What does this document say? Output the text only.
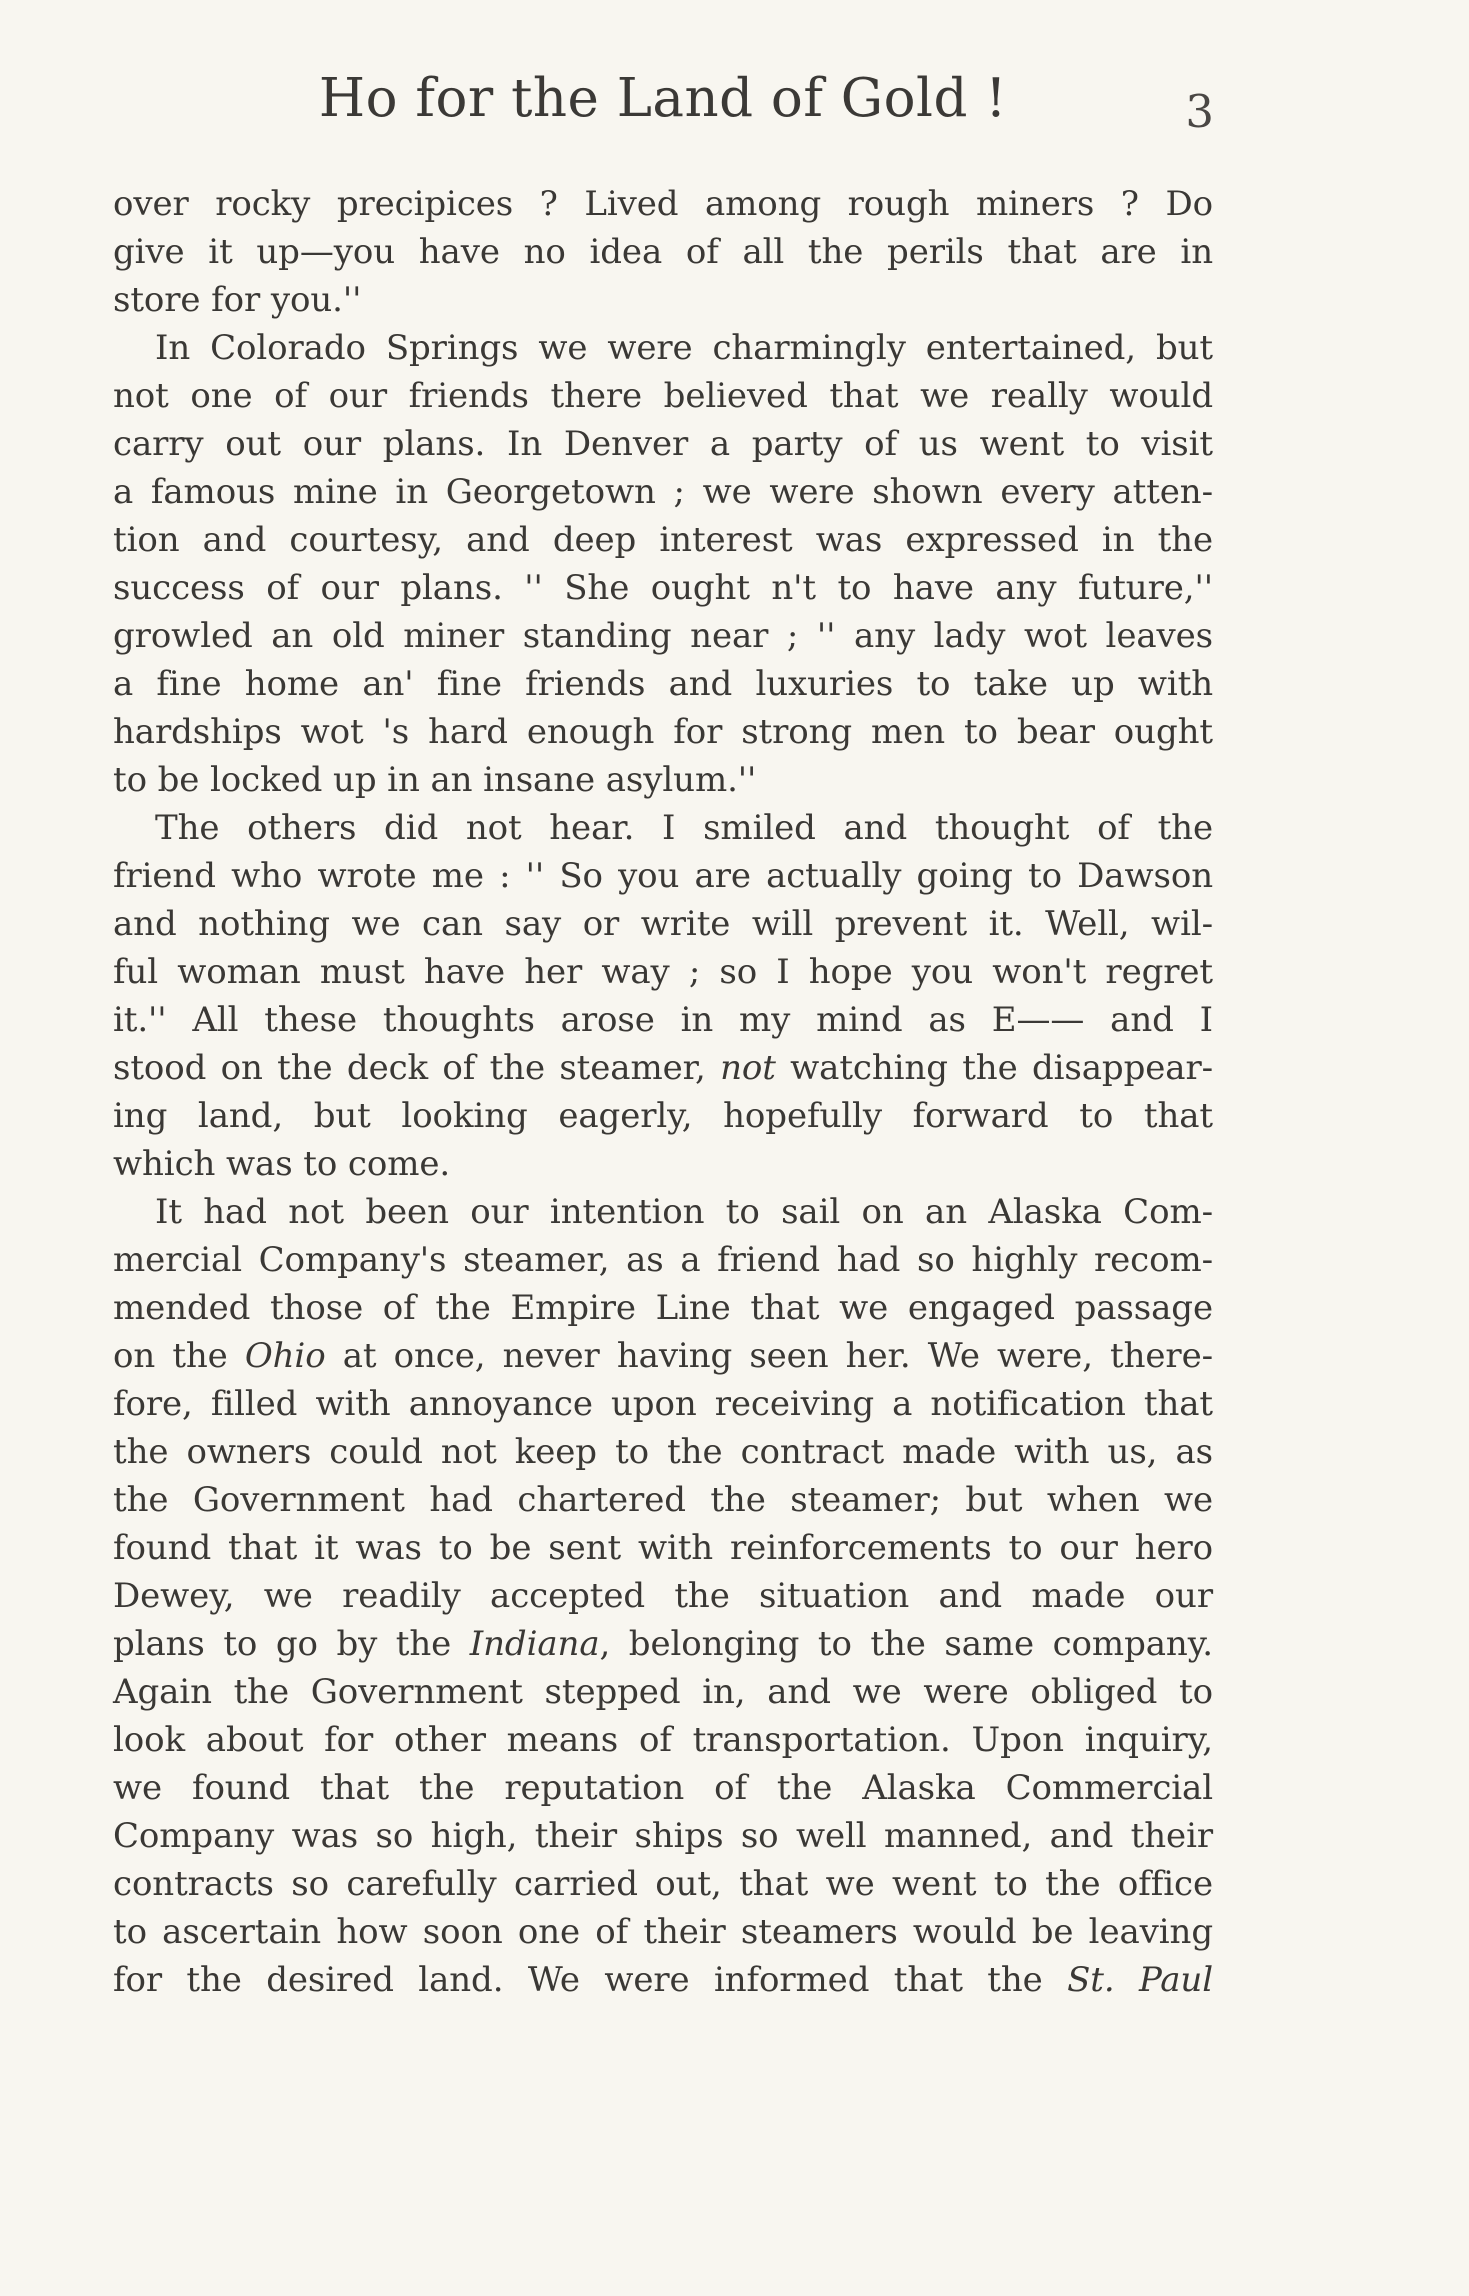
Ho for the Land of Gold !	3
over rocky precipices ? Lived among rough miners ? Do
give it up—you have no idea of all the perils that are in
store for you.''
In Colorado Springs we were charmingly entertained, but
not one of our friends there believed that we really would
carry out our plans. In Denver a party of us went to visit
a famous mine in Georgetown ; we were shown every atten-
tion and courtesy, and deep interest was expressed in the
success of our plans. '' She ought n't to have any future,''
growled an old miner standing near ; '' any lady wot leaves
a fine home an' fine friends and luxuries to take up with
hardships wot 's hard enough for strong men to bear ought
to be locked up in an insane asylum.''
The others did not hear. I smiled and thought of the
friend who wrote me : '' So you are actually going to Dawson
and nothing we can say or write will prevent it. Well, wil-
ful woman must have her way ; so I hope you won't regret
it.'' All these thoughts arose in my mind as E—— and I
stood on the deck of the steamer, not watching the disappear-
ing land, but looking eagerly, hopefully forward to that
which was to come.
It had not been our intention to sail on an Alaska Com-
mercial Company's steamer, as a friend had so highly recom-
mended those of the Empire Line that we engaged passage
on the Ohio at once, never having seen her. We were, there-
fore, filled with annoyance upon receiving a notification that
the owners could not keep to the contract made with us, as
the Government had chartered the steamer; but when we
found that it was to be sent with reinforcements to our hero
Dewey, we readily accepted the situation and made our
plans to go by the Indiana, belonging to the same company.
Again the Government stepped in, and we were obliged to
look about for other means of transportation. Upon inquiry,
we found that the reputation of the Alaska Commercial
Company was so high, their ships so well manned, and their
contracts so carefully carried out, that we went to the office
to ascertain how soon one of their steamers would be leaving
for the desired land. We were informed that the St. Paul
